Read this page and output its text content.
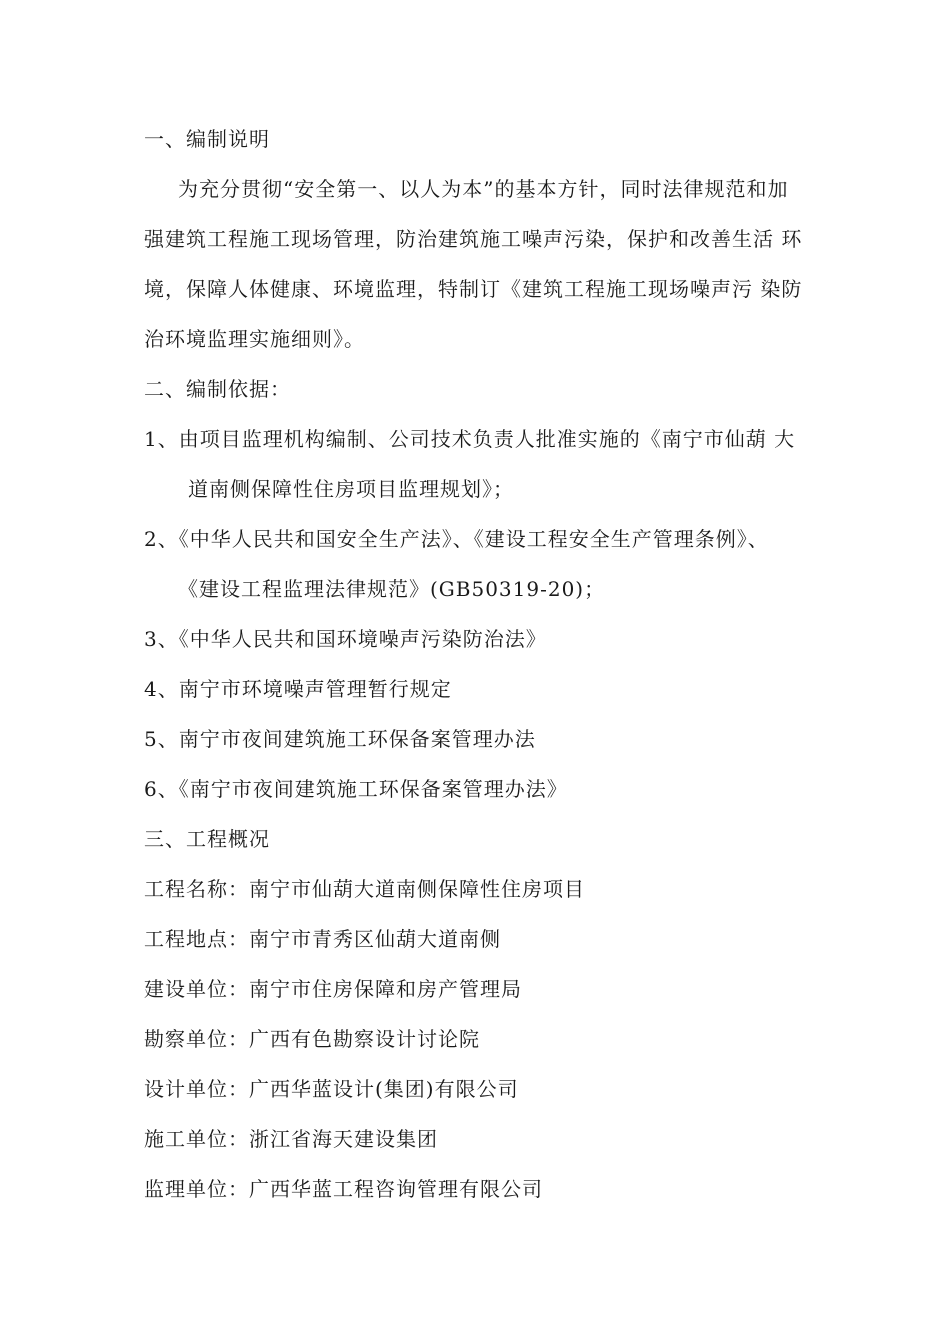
一、编制说明
为充分贯彻“安全第一、以人为本”的基本方针，同时法律规范和加
强建筑工程施工现场管理，防治建筑施工噪声污染，保护和改善生活 环
境，保障人体健康、环境监理，特制订《建筑工程施工现场噪声污 染防
治环境监理实施细则》。
二、编制依据：
1、由项目监理机构编制、公司技术负责人批准实施的《南宁市仙葫 大
道南侧保障性住房项目监理规划》；
2、《中华人民共和国安全生产法》、《建设工程安全生产管理条例》、
《建设工程监理法律规范》(GB50319-20)；
3、《中华人民共和国环境噪声污染防治法》
4、南宁市环境噪声管理暂行规定
5、南宁市夜间建筑施工环保备案管理办法
6、《南宁市夜间建筑施工环保备案管理办法》
三、工程概况
工程名称：南宁市仙葫大道南侧保障性住房项目
工程地点：南宁市青秀区仙葫大道南侧
建设单位：南宁市住房保障和房产管理局
勘察单位：广西有色勘察设计讨论院
设计单位：广西华蓝设计(集团)有限公司
施工单位：浙江省海天建设集团
监理单位：广西华蓝工程咨询管理有限公司
